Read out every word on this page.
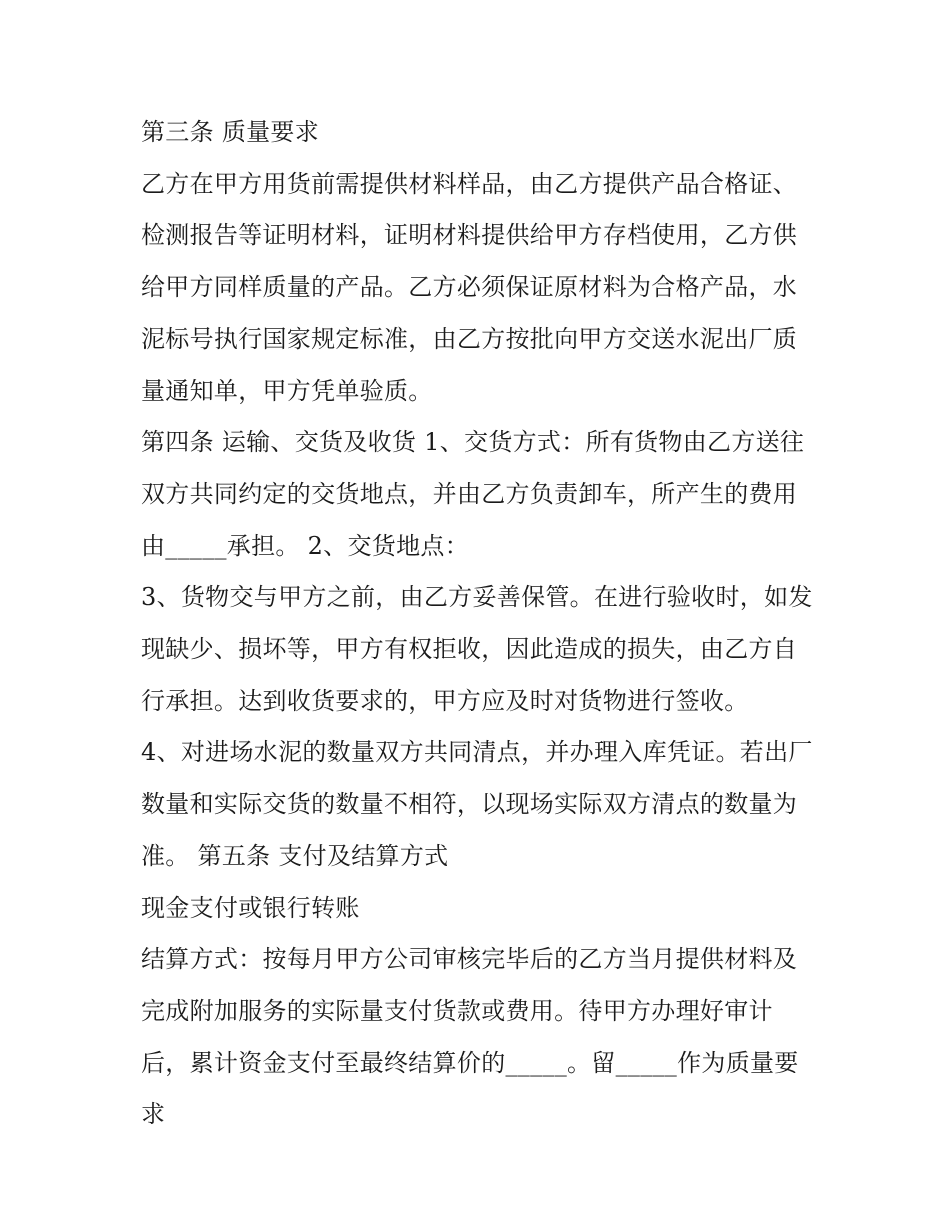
第三条 质量要求

乙方在甲方用货前需提供材料样品，由乙方提供产品合格证、检测报告等证明材料，证明材料提供给甲方存档使用，乙方供给甲方同样质量的产品。乙方必须保证原材料为合格产品，水泥标号执行国家规定标准，由乙方按批向甲方交送水泥出厂质量通知单，甲方凭单验质。

第四条 运输、交货及收货 1、交货方式：所有货物由乙方送往双方共同约定的交货地点，并由乙方负责卸车，所产生的费用由_____承担。 2、交货地点：

3、货物交与甲方之前，由乙方妥善保管。在进行验收时，如发现缺少、损坏等，甲方有权拒收，因此造成的损失，由乙方自行承担。达到收货要求的，甲方应及时对货物进行签收。

4、对进场水泥的数量双方共同清点，并办理入库凭证。若出厂数量和实际交货的数量不相符，以现场实际双方清点的数量为准。 第五条 支付及结算方式

现金支付或银行转账

结算方式：按每月甲方公司审核完毕后的乙方当月提供材料及完成附加服务的实际量支付货款或费用。待甲方办理好审计后，累计资金支付至最终结算价的_____。留_____作为质量要求
